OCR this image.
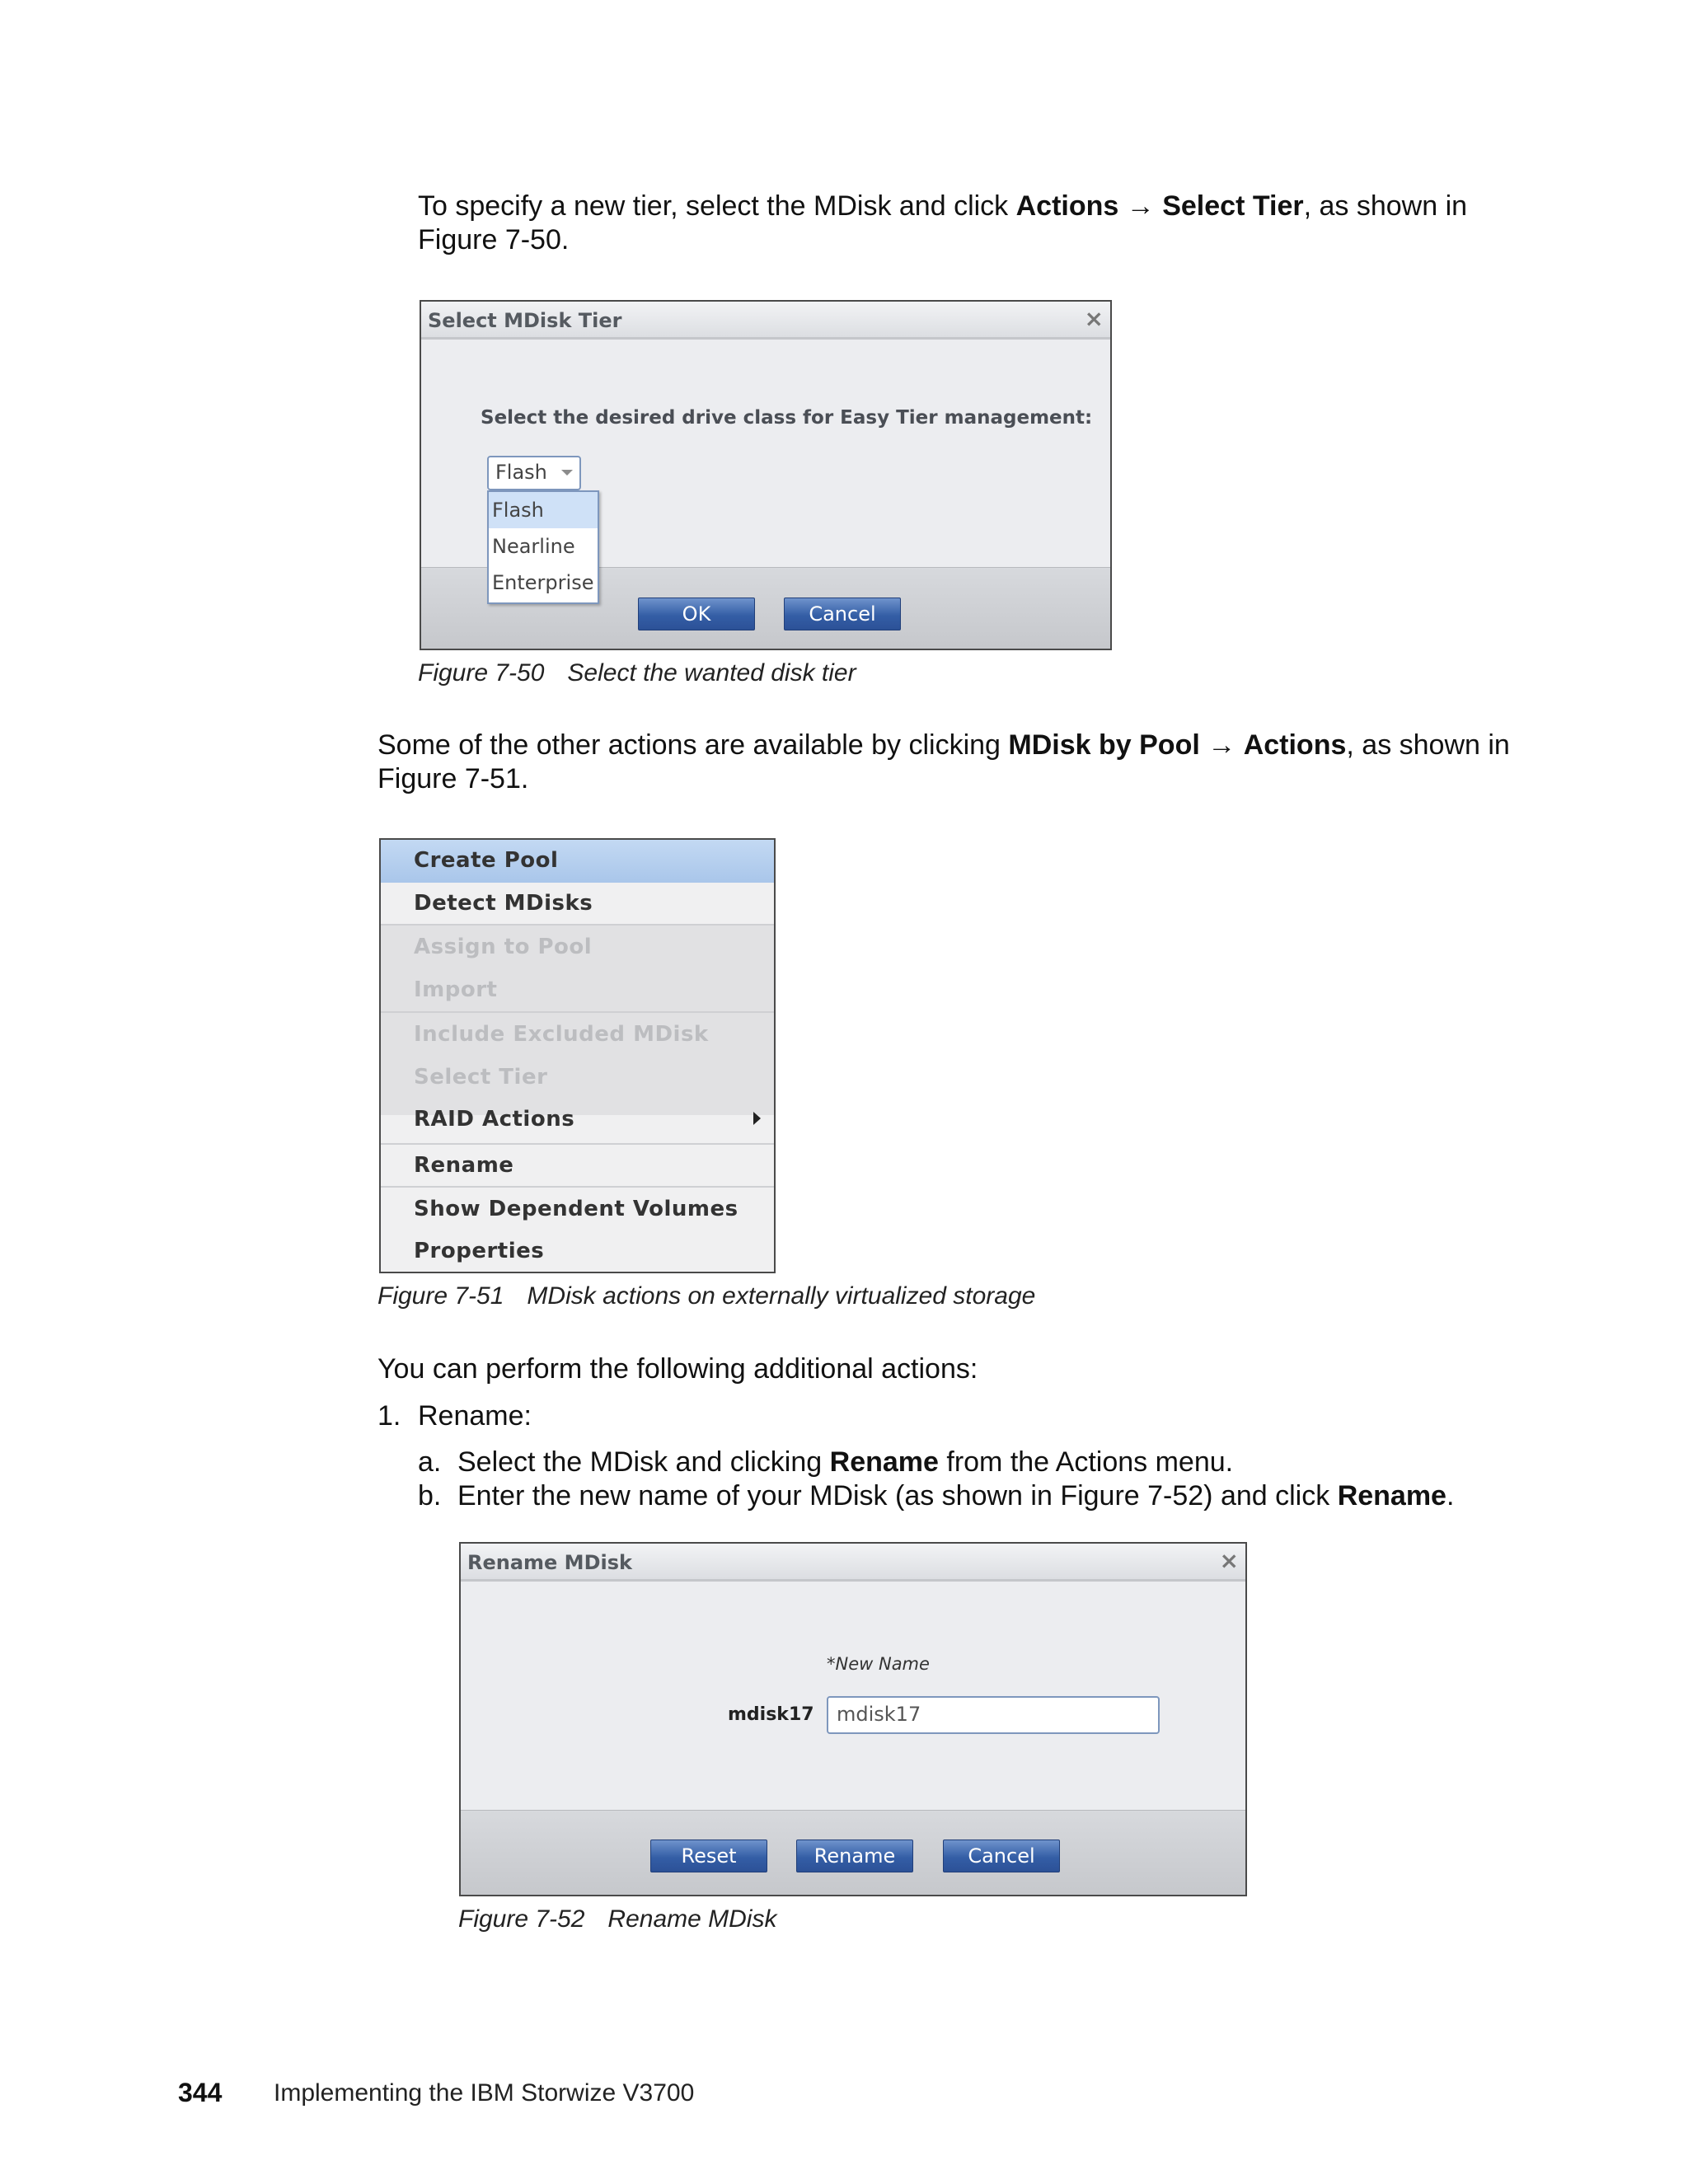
To specify a new tier, select the MDisk and click Actions → Select Tier, as shown in
Figure 7-50.
Select MDisk Tier	×
Select the desired drive class for Easy Tier management:
Flash
Flash
Nearline
Enterprise
OK	Cancel
Figure 7-50 Select the wanted disk tier
Some of the other actions are available by clicking MDisk by Pool → Actions, as shown in
Figure 7-51.
Create Pool
Detect MDisks
Assign to Pool
Import
Include Excluded MDisk
Select Tier
RAID Actions
Rename
Show Dependent Volumes
Properties
Figure 7-51 MDisk actions on externally virtualized storage
You can perform the following additional actions:
1. Rename:
a. Select the MDisk and clicking Rename from the Actions menu.
b. Enter the new name of your MDisk (as shown in Figure 7-52) and click Rename.
Rename MDisk	×
*New Name
mdisk17	mdisk17
Reset	Rename	Cancel
Figure 7-52 Rename MDisk
344 Implementing the IBM Storwize V3700
